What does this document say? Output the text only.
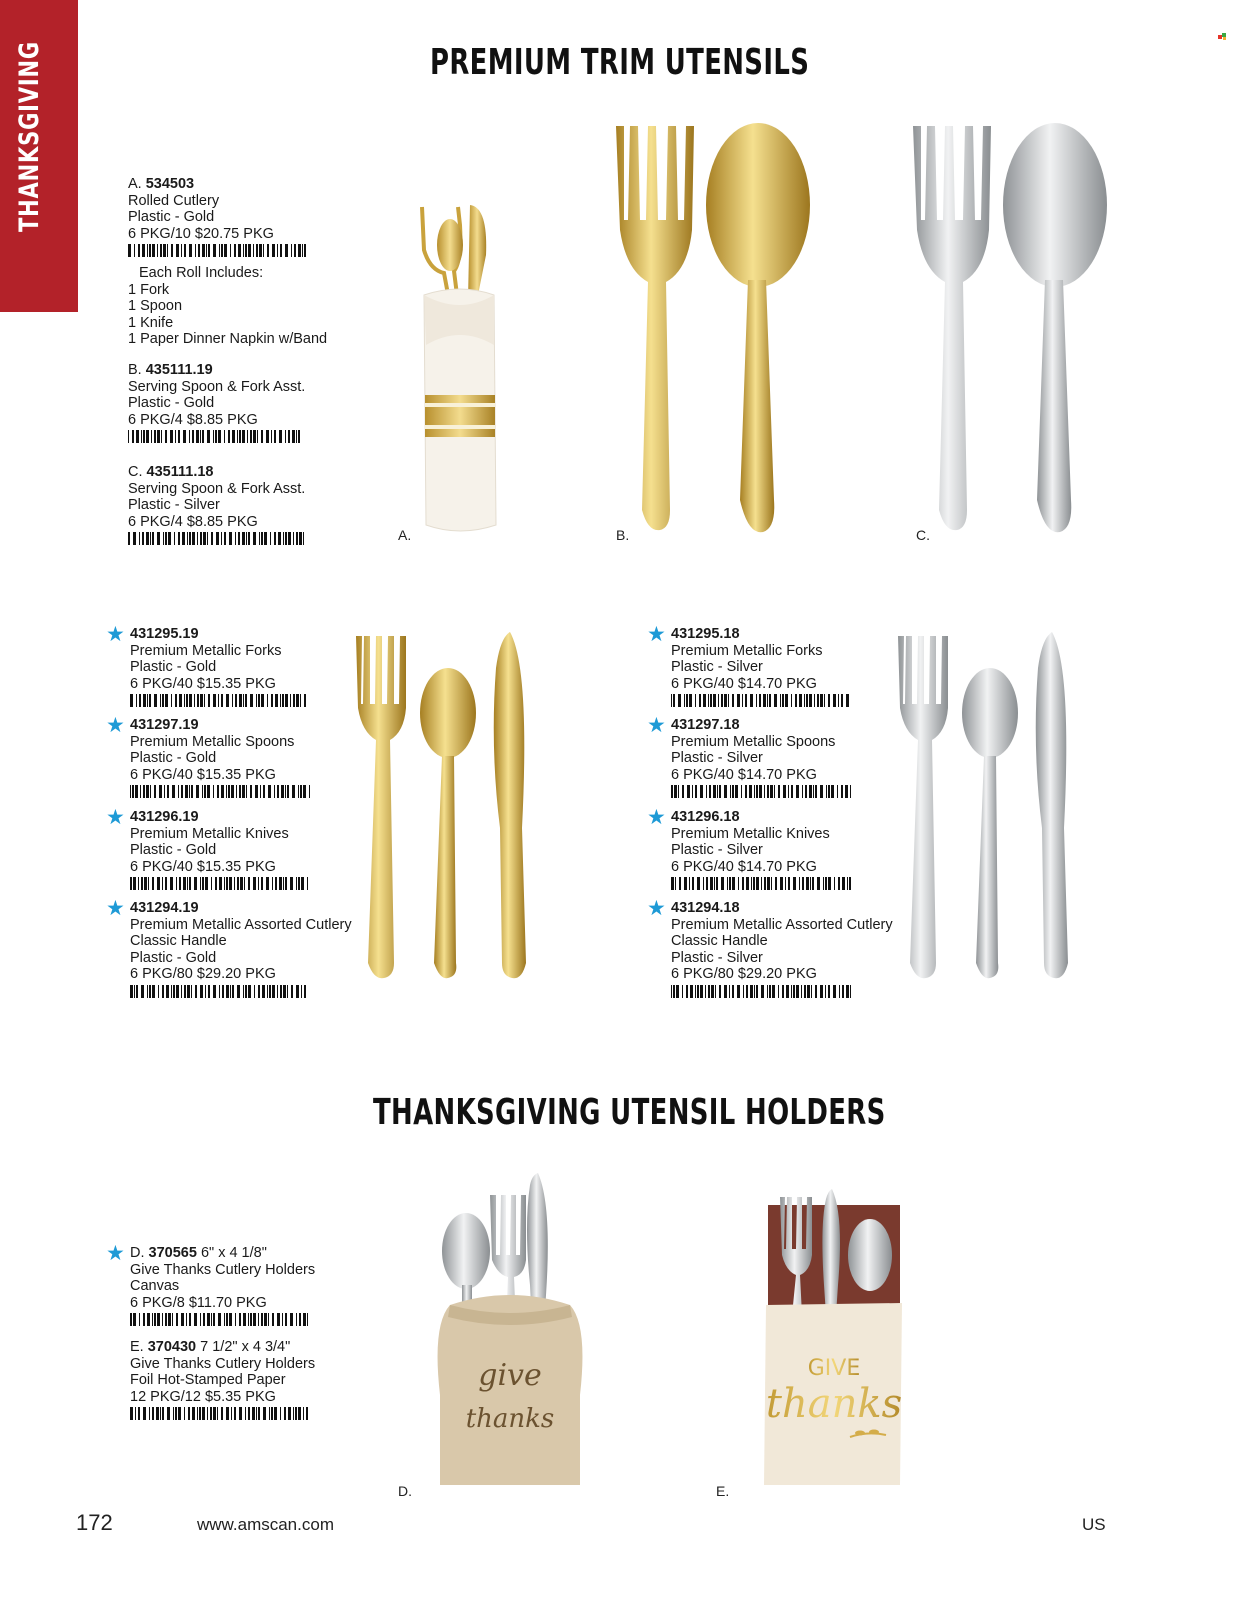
THANKSGIVING	PREMIUM TRIM UTENSILS
THANKSGIVING UTENSIL HOLDERS
A. 534503
Rolled Cutlery
Plastic - Gold
6 PKG/10 $20.75 PKG
Each Roll Includes:
1 Fork
1 Spoon
1 Knife
1 Paper Dinner Napkin w/Band
B. 435111.19
Serving Spoon & Fork Asst.
Plastic - Gold
6 PKG/4 $8.85 PKG
C. 435111.18
Serving Spoon & Fork Asst.
Plastic - Silver
6 PKG/4 $8.85 PKG
★ 431295.19
Premium Metallic Forks
Plastic - Gold
6 PKG/40 $15.35 PKG
★ 431297.19
Premium Metallic Spoons
Plastic - Gold
6 PKG/40 $15.35 PKG
★ 431296.19
Premium Metallic Knives
Plastic - Gold
6 PKG/40 $15.35 PKG
★ 431294.19
Premium Metallic Assorted Cutlery
Classic Handle
Plastic - Gold
6 PKG/80 $29.20 PKG
★ 431295.18
Premium Metallic Forks
Plastic - Silver
6 PKG/40 $14.70 PKG
★ 431297.18
Premium Metallic Spoons
Plastic - Silver
6 PKG/40 $14.70 PKG
★ 431296.18
Premium Metallic Knives
Plastic - Silver
6 PKG/40 $14.70 PKG
★ 431294.18
Premium Metallic Assorted Cutlery
Classic Handle
Plastic - Silver
6 PKG/80 $29.20 PKG
★ D. 370565 6" x 4 1/8"
Give Thanks Cutlery Holders
Canvas
6 PKG/8 $11.70 PKG
E. 370430 7 1/2" x 4 3/4"
Give Thanks Cutlery Holders
Foil Hot-Stamped Paper
12 PKG/12 $5.35 PKG
A.	B.	C.
give
thanks
D.
GIVE
thanks
E.
172	www.amscan.com	US
